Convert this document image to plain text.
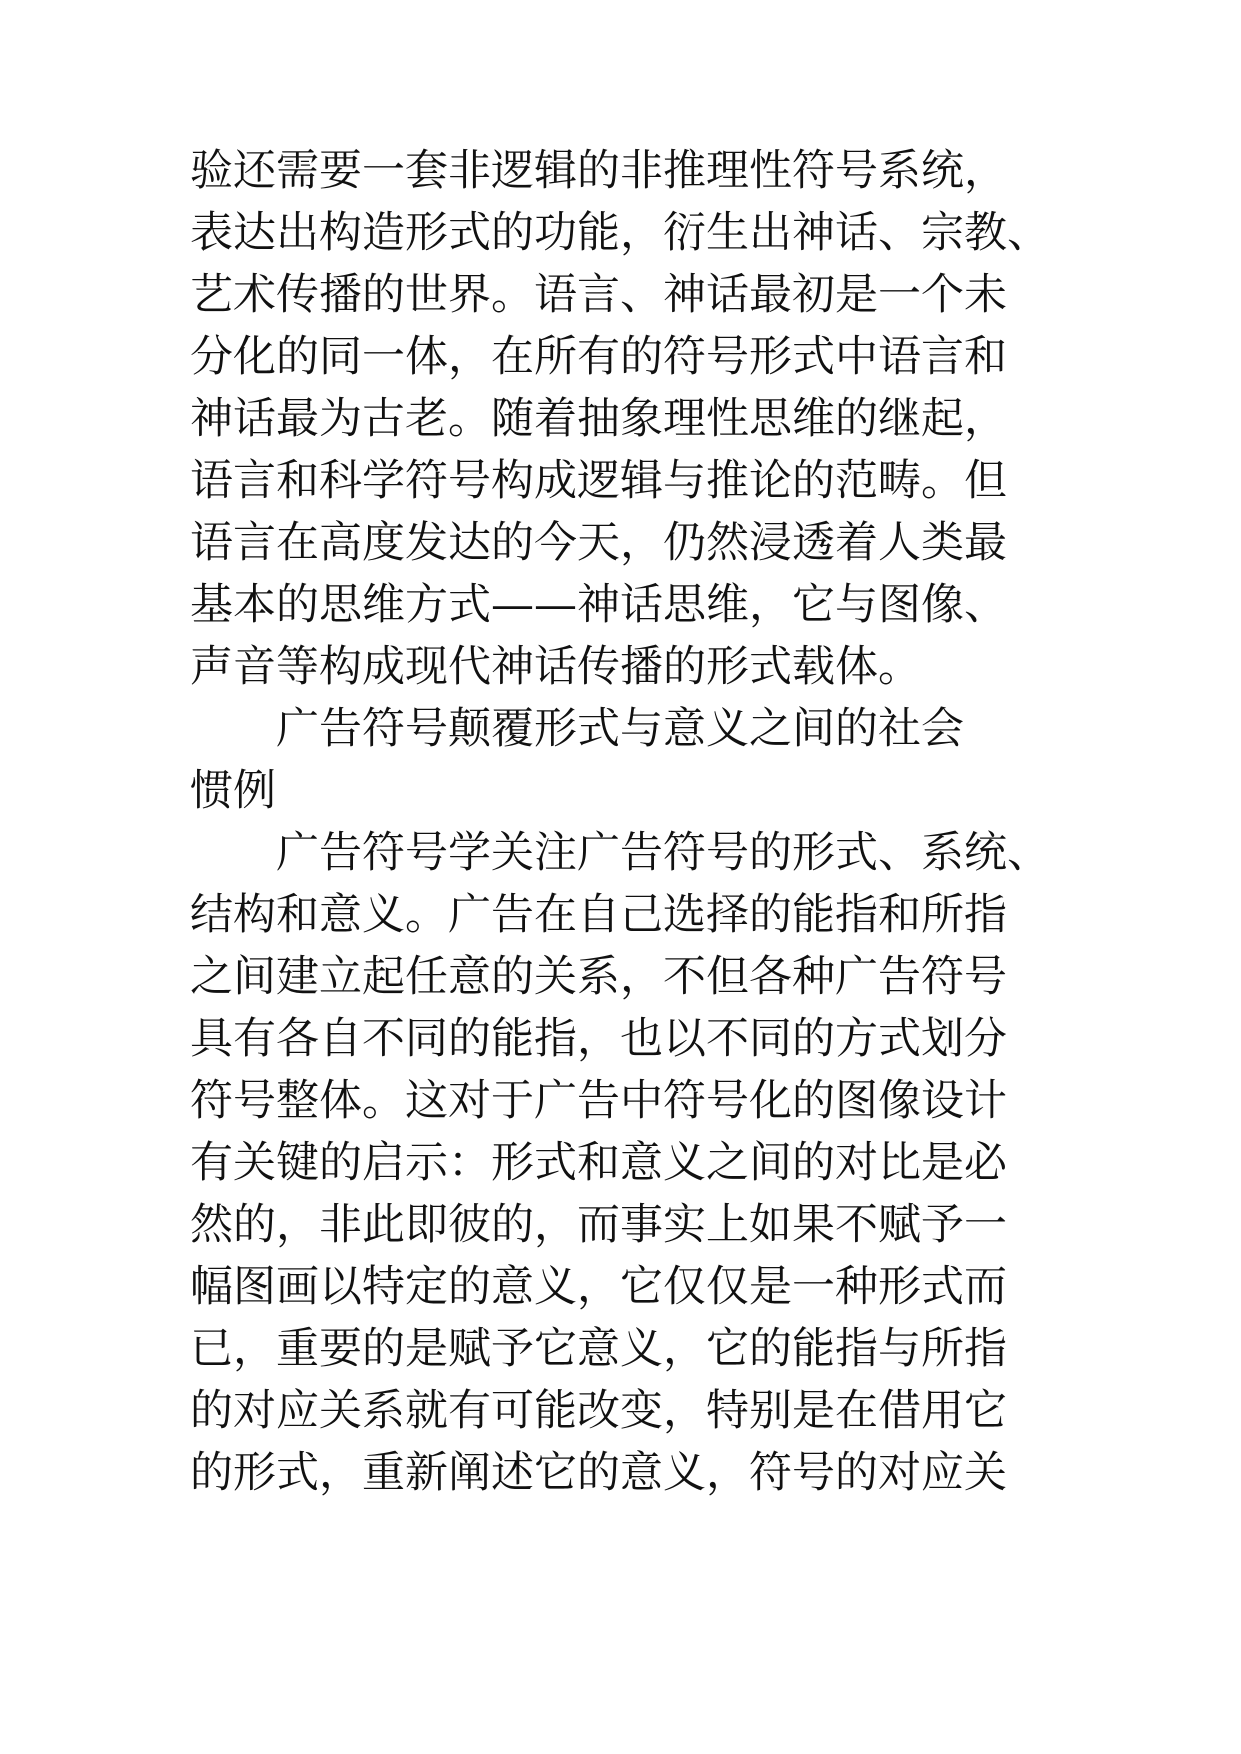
验还需要一套非逻辑的非推理性符号系统，
表达出构造形式的功能，衍生出神话、宗教、
艺术传播的世界。语言、神话最初是一个未
分化的同一体，在所有的符号形式中语言和
神话最为古老。随着抽象理性思维的继起，
语言和科学符号构成逻辑与推论的范畴。但
语言在高度发达的今天，仍然浸透着人类最
基本的思维方式——神话思维，它与图像、
声音等构成现代神话传播的形式载体。
广告符号颠覆形式与意义之间的社会
惯例
广告符号学关注广告符号的形式、系统、
结构和意义。广告在自己选择的能指和所指
之间建立起任意的关系，不但各种广告符号
具有各自不同的能指，也以不同的方式划分
符号整体。这对于广告中符号化的图像设计
有关键的启示：形式和意义之间的对比是必
然的，非此即彼的，而事实上如果不赋予一
幅图画以特定的意义，它仅仅是一种形式而
已，重要的是赋予它意义，它的能指与所指
的对应关系就有可能改变，特别是在借用它
的形式，重新阐述它的意义，符号的对应关
